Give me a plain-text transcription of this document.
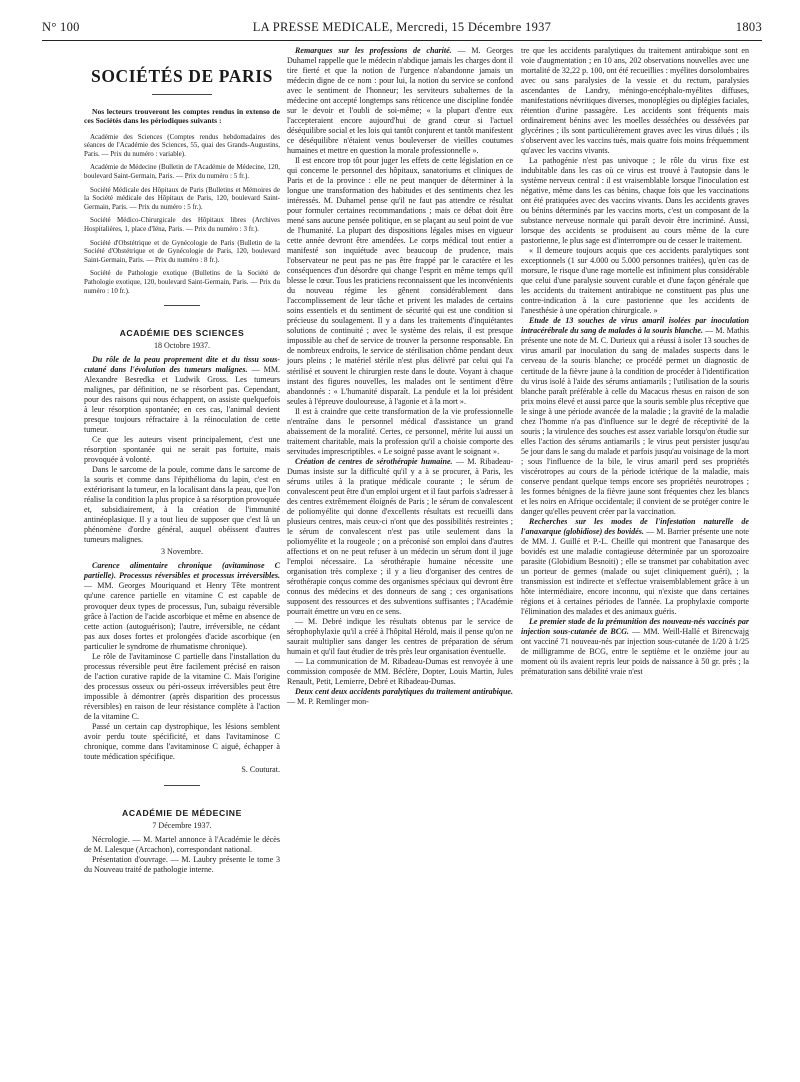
N° 100	LA PRESSE MEDICALE, Mercredi, 15 Décembre 1937	1803
SOCIÉTÉS DE PARIS

Nos lecteurs trouveront les comptes rendus in extenso de ces Sociétés dans les périodiques suivants :

Académie des Sciences (Comptes rendus hebdomadaires des séances de l'Académie des Sciences, 55, quai des Grands-Augustins, Paris. — Prix du numéro : variable).

Académie de Médecine (Bulletin de l'Académie de Médecine, 120, boulevard Saint-Germain, Paris. — Prix du numéro : 5 fr.).

Société Médicale des Hôpitaux de Paris (Bulletins et Mémoires de la Société médicale des Hôpitaux de Paris, 120, boulevard Saint-Germain, Paris. — Prix du numéro : 5 fr.).

Société Médico-Chirurgicale des Hôpitaux libres (Archives Hospitalières, 1, place d'Iéna, Paris. — Prix du numéro : 3 fr.).

Société d'Obstétrique et de Gynécologie de Paris (Bulletin de la Société d'Obstétrique et de Gynécologie de Paris, 120, boulevard Saint-Germain, Paris. — Prix du numéro : 8 fr.).

Société de Pathologie exotique (Bulletins de la Société de Pathologie exotique, 120, boulevard Saint-Germain, Paris. — Prix du numéro : 10 fr.).

ACADÉMIE DES SCIENCES
18 Octobre 1937.

Du rôle de la peau proprement dite et du tissu sous-cutané dans l'évolution des tumeurs malignes. — MM. Alexandre Besredka et Ludwik Gross. Les tumeurs malignes, par définition, ne se résorbent pas. Cependant, pour des raisons qui nous échappent, on assiste quelquefois à leur résorption spontanée; en ces cas, l'animal devient presque toujours réfractaire à la réinoculation de cette tumeur.

Ce que les auteurs visent principalement, c'est une résorption spontanée qui ne serait pas fortuite, mais provoquée à volonté.

Dans le sarcome de la poule, comme dans le sarcome de la souris et comme dans l'épithélioma du lapin, c'est en extériorisant la tumeur, en la localisant dans la peau, que l'on réalise la condition la plus propice à sa résorption provoquée et, subsidiairement, à la création de l'immunité antinéoplasique. Il y a tout lieu de supposer que c'est là un phénomène d'ordre général, auquel obéissent d'autres tumeurs malignes.

3 Novembre.

Carence alimentaire chronique (avitaminose C partielle). Processus réversibles et processus irréversibles. — MM. Georges Mouriquand et Henry Tête montrent qu'une carence partielle en vitamine C est capable de provoquer deux types de processus, l'un, subaigu réversible grâce à l'action de l'acide ascorbique et même en absence de cette action (autoguérison); l'autre, irréversible, ne cédant pas aux doses fortes et prolongées d'acide ascorbique (en particulier le syndrome de rhumatisme chronique).

Le rôle de l'avitaminose C partielle dans l'installation du processus réversible peut être facilement précisé en raison de l'action curative rapide de la vitamine C. Mais l'origine des processus osseux ou péri-osseux irréversibles peut être impossible à démontrer (après disparition des processus réversibles) en raison de leur résistance complète à l'action de la vitamine C.

Passé un certain cap dystrophique, les lésions semblent avoir perdu toute spécificité, et dans l'avitaminose C chronique, comme dans l'avitaminose C aiguë, échapper à toute médication spécifique.

S. Couturat.

ACADÉMIE DE MÉDECINE
7 Décembre 1937.

Nécrologie. — M. Martel annonce à l'Académie le décès de M. Lalesque (Arcachon), correspondant national.

Présentation d'ouvrage. — M. Laubry présente le tome 3 du Nouveau traité de pathologie interne.

Remarques sur les professions de charité. — M. Georges Duhamel rappelle que le médecin n'abdique jamais les charges dont il tire fierté et que la notion de l'urgence n'abandonne jamais un médecin digne de ce nom : pour lui, la notion du service se confond avec le sentiment de l'honneur; les serviteurs subalternes de la médecine ont accepté longtemps sans réticence une discipline fondée sur le devoir et l'oubli de soi-même; « la plupart d'entre eux l'accepteraient encore aujourd'hui de grand cœur si l'actuel déséquilibre social et les lois qui tantôt conjurent et tantôt manifestent ce déséquilibre n'étaient venus bouleverser de vieilles coutumes humaines et mettre en question la morale professionnelle ».

Il est encore trop tôt pour juger les effets de cette législation en ce qui concerne le personnel des hôpitaux, sanatoriums et cliniques de Paris et de la province : elle ne peut manquer de déterminer à la longue une transformation des habitudes et des sentiments chez les intéressés. M. Duhamel pense qu'il ne faut pas attendre ce résultat pour formuler certaines recommandations ; mais ce débat doit être mené sans aucune pensée politique, en se plaçant au seul point de vue de l'humanité. La plupart des dispositions légales mises en vigueur cette année devront être amendées. Le corps médical tout entier a manifesté son inquiétude avec beaucoup de prudence, mais l'observateur ne peut pas ne pas être frappé par le caractère et les conséquences d'un désordre qui change l'esprit en même temps qu'il blesse le cœur. Tous les praticiens reconnaissent que les inconvénients du nouveau régime les gênent considérablement dans l'accomplissement de leur tâche et privent les malades de certains soins essentiels et du sentiment de sécurité qui est une condition si précieuse du soulagement. Il y a dans les traitements d'inquiétantes solutions de continuité ; avec le système des relais, il est presque impossible au chef de service de trouver la personne responsable. En de nombreux endroits, le service de stérilisation chôme pendant deux jours pleins ; le matériel stérile n'est plus délivré par celui qui l'a stérilisé et souvent le chirurgien reste dans le doute. Voyant à chaque instant des figures nouvelles, les malades ont le sentiment d'être abandonnés : « L'humanité disparaît. La pendule et la loi président seules à l'épreuve douloureuse, à l'agonie et à la mort ».

Il est à craindre que cette transformation de la vie professionnelle n'entraîne dans le personnel médical d'assistance un grand abaissement de la moralité. Certes, ce personnel, mérite lui aussi un traitement charitable, mais la profession qu'il a choisie comporte des servitudes imprescriptibles. « Le soigné passe avant le soignant ».

Création de centres de sérothérapie humaine. — M. Ribadeau-Dumas insiste sur la difficulté qu'il y a à se procurer, à Paris, les sérums utiles à la pratique médicale courante ; le sérum de convalescent peut être d'un emploi urgent et il faut parfois s'adresser à des centres extrêmement éloignés de Paris ; le sérum de convalescent de poliomyélite qui donne d'excellents résultats est recueilli dans plusieurs centres, mais ceux-ci n'ont que des possibilités restreintes ; le sérum de convalescent n'est pas utile seulement dans la poliomyélite et la rougeole ; on a préconisé son emploi dans d'autres affections et on ne peut refuser à un médecin un sérum dont il juge l'emploi nécessaire. La sérothérapie humaine nécessite une organisation très complexe ; il y a lieu d'organiser des centres de sérothérapie conçus comme des organismes spéciaux qui devront être connus des médecins et des donneurs de sang ; ces organisations supposent des ressources et des subventions suffisantes ; l'Académie pourrait émettre un vœu en ce sens.

— M. Debré indique les résultats obtenus par le service de sérophophylaxie qu'il a créé à l'hôpital Hérold, mais il pense qu'on ne saurait multiplier sans danger les centres de préparation de sérum humain et qu'il faut étudier de très près leur organisation éventuelle.

— La communication de M. Ribadeau-Dumas est renvoyée à une commission composée de MM. Béclère, Dopter, Louis Martin, Jules Renault, Petit, Lemierre, Debré et Ribadeau-Dumas.

Deux cent deux accidents paralytiques du traitement antirabique. — M. P. Remlinger mon-

tre que les accidents paralytiques du traitement antirabique sont en voie d'augmentation ; en 10 ans, 202 observations nouvelles avec une mortalité de 32,22 p. 100, ont été recueillies : myélites dorsolombaires avec ou sans paralysies de la vessie et du rectum, paralysies ascendantes de Landry, méningo-encéphalo-myélites diffuses, manifestations névritiques diverses, monoplégies ou diplégies faciales, rétention d'urine passagère. Les accidents sont fréquents mais ordinairement bénins avec les moelles desséchées ou dessévées par glycérines ; ils sont particulièrement graves avec les virus dilués ; ils s'observent avec les vaccins tués, mais quatre fois moins fréquemment qu'avec les vaccins vivants.

La pathogénie n'est pas univoque ; le rôle du virus fixe est indubitable dans les cas où ce virus est trouvé à l'autopsie dans le système nerveux central : il est vraisemblable lorsque l'inoculation est négative, même dans les cas bénins, chaque fois que les vaccinations ont été pratiquées avec des vaccins vivants. Dans les accidents graves ou bénins déterminés par les vaccins morts, c'est un composant de la substance nerveuse normale qui paraît devoir être incriminé. Aussi, lorsque des accidents se produisent au cours même de la cure pastorienne, le plus sage est d'interrompre ou de cesser le traitement.

« Il demeure toujours acquis que ces accidents paralytiques sont exceptionnels (1 sur 4.000 ou 5.000 personnes traitées), qu'en cas de morsure, le risque d'une rage mortelle est infiniment plus considérable que celui d'une paralysie souvent curable et d'une façon générale que les accidents du traitement antirabique ne constituent pas plus une contre-indication à la cure pastorienne que les accidents de l'anesthésie à une opération chirurgicale. »

Etude de 13 souches de virus amaril isolées par inoculation intracérébrale du sang de malades à la souris blanche. — M. Mathis présente une note de M. C. Durieux qui a réussi à isoler 13 souches de virus amaril par inoculation du sang de malades suspects dans le cerveau de la souris blanche; ce procédé permet un diagnostic de certitude de la fièvre jaune à la condition de procéder à l'identification du virus isolé à l'aide des sérums antiamarils ; l'utilisation de la souris blanche paraît préférable à celle du Macacus rhesus en raison de son prix moins élevé et aussi parce que la souris semble plus réceptive que le singe à une période avancée de la maladie ; la gravité de la maladie chez l'homme n'a pas d'influence sur le degré de réceptivité de la souris ; la virulence des souches est assez variable lorsqu'on étudie sur elles l'action des sérums antiamarils ; le virus peut persister jusqu'au 5e jour dans le sang du malade et parfois jusqu'au voisinage de la mort ; sous l'influence de la bile, le virus amaril perd ses propriétés viscérotropes au cours de la période ictérique de la maladie, mais conserve pendant quelque temps encore ses propriétés neurotropes ; les formes bénignes de la fièvre jaune sont fréquentes chez les blancs et les noirs en Afrique occidentale; il convient de se protéger contre le danger qu'elles peuvent créer par la vaccination.

Recherches sur les modes de l'infestation naturelle de l'anaxarque (globidiose) des bovidés. — M. Barrier présente une note de MM. J. Guillé et P.-L. Cheille qui montrent que l'anasarque des bovidés est une maladie contagieuse déterminée par un sporozoaire parasite (Globidium Besnoiti) ; elle se transmet par cohabitation avec un porteur de germes (malade ou sujet cliniquement guéri), ; la transmission est indirecte et s'effectue vraisemblablement grâce à un hôte intermédiaire, encore inconnu, qui n'existe que dans certaines régions et à certaines périodes de l'année. La prophylaxie comporte l'élimination des malades et des animaux guéris.

Le premier stade de la prémunition des nouveau-nés vaccinés par injection sous-cutanée de BCG. — MM. Weill-Hallé et Birencwajg ont vacciné 71 nouveau-nés par injection sous-cutanée de 1/20 à 1/25 de milligramme de BCG, entre le septième et le onzième jour au moment où ils avaient repris leur poids de naissance à 50 gr. près ; la prématuration sans débilité vraie n'est
